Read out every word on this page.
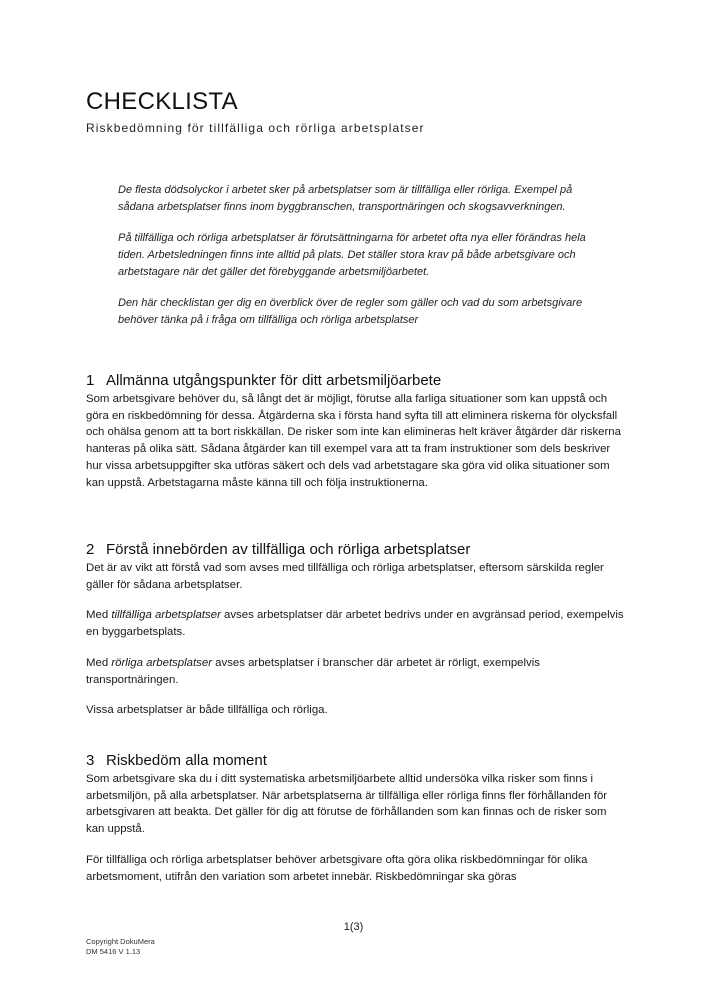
CHECKLISTA
Riskbedömning för tillfälliga och rörliga arbetsplatser

De flesta dödsolyckor i arbetet sker på arbetsplatser som är tillfälliga eller rörliga. Exempel på sådana arbetsplatser finns inom byggbranschen, transportnäringen och skogsavverkningen.

På tillfälliga och rörliga arbetsplatser är förutsättningarna för arbetet ofta nya eller förändras hela tiden. Arbetsledningen finns inte alltid på plats. Det ställer stora krav på både arbetsgivare och arbetstagare när det gäller det förebyggande arbetsmiljöarbetet.

Den här checklistan ger dig en överblick över de regler som gäller och vad du som arbetsgivare behöver tänka på i fråga om tillfälliga och rörliga arbetsplatser

1 Allmänna utgångspunkter för ditt arbetsmiljöarbete

Som arbetsgivare behöver du, så långt det är möjligt, förutse alla farliga situationer som kan uppstå och göra en riskbedömning för dessa. Åtgärderna ska i första hand syfta till att eliminera riskerna för olycksfall och ohälsa genom att ta bort riskkällan. De risker som inte kan elimineras helt kräver åtgärder där riskerna hanteras på olika sätt. Sådana åtgärder kan till exempel vara att ta fram instruktioner som dels beskriver hur vissa arbetsuppgifter ska utföras säkert och dels vad arbetstagare ska göra vid olika situationer som kan uppstå. Arbetstagarna måste känna till och följa instruktionerna.

2 Förstå innebörden av tillfälliga och rörliga arbetsplatser

Det är av vikt att förstå vad som avses med tillfälliga och rörliga arbetsplatser, eftersom särskilda regler gäller för sådana arbetsplatser.

Med tillfälliga arbetsplatser avses arbetsplatser där arbetet bedrivs under en avgränsad period, exempelvis en byggarbetsplats.

Med rörliga arbetsplatser avses arbetsplatser i branscher där arbetet är rörligt, exempelvis transportnäringen.

Vissa arbetsplatser är både tillfälliga och rörliga.

3 Riskbedöm alla moment

Som arbetsgivare ska du i ditt systematiska arbetsmiljöarbete alltid undersöka vilka risker som finns i arbetsmiljön, på alla arbetsplatser. När arbetsplatserna är tillfälliga eller rörliga finns fler förhållanden för arbetsgivaren att beakta. Det gäller för dig att förutse de förhållanden som kan finnas och de risker som kan uppstå.

För tillfälliga och rörliga arbetsplatser behöver arbetsgivare ofta göra olika riskbedömningar för olika arbetsmoment, utifrån den variation som arbetet innebär. Riskbedömningar ska göras

1(3)
Copyright DokuMera
DM 5416 V 1.13
